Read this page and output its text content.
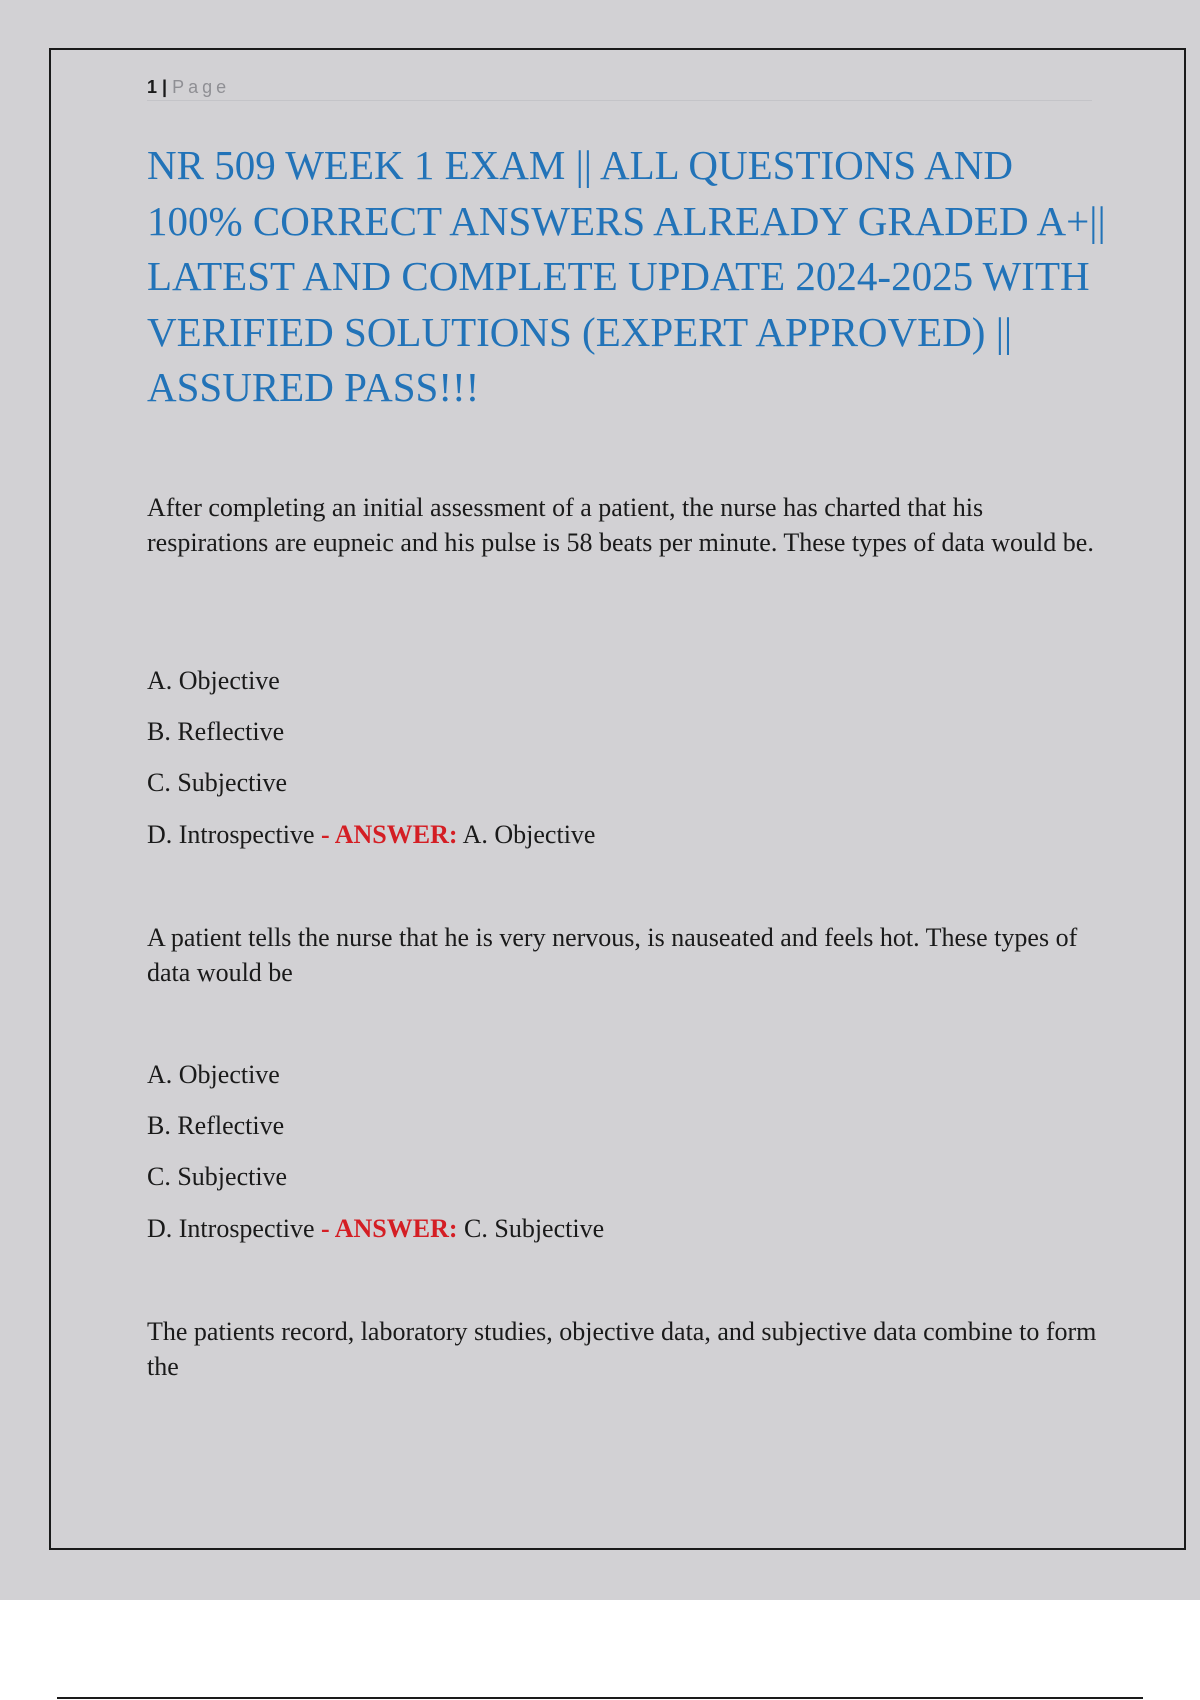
1 | Page
NR 509 WEEK 1 EXAM || ALL QUESTIONS AND 100% CORRECT ANSWERS ALREADY GRADED A+|| LATEST AND COMPLETE UPDATE 2024-2025 WITH VERIFIED SOLUTIONS (EXPERT APPROVED) || ASSURED PASS!!!

After completing an initial assessment of a patient, the nurse has charted that his respirations are eupneic and his pulse is 58 beats per minute. These types of data would be.

A. Objective

B. Reflective

C. Subjective

D. Introspective - ANSWER: A. Objective

A patient tells the nurse that he is very nervous, is nauseated and feels hot. These types of data would be

A. Objective

B. Reflective

C. Subjective

D. Introspective - ANSWER: C. Subjective

The patients record, laboratory studies, objective data, and subjective data combine to form the
